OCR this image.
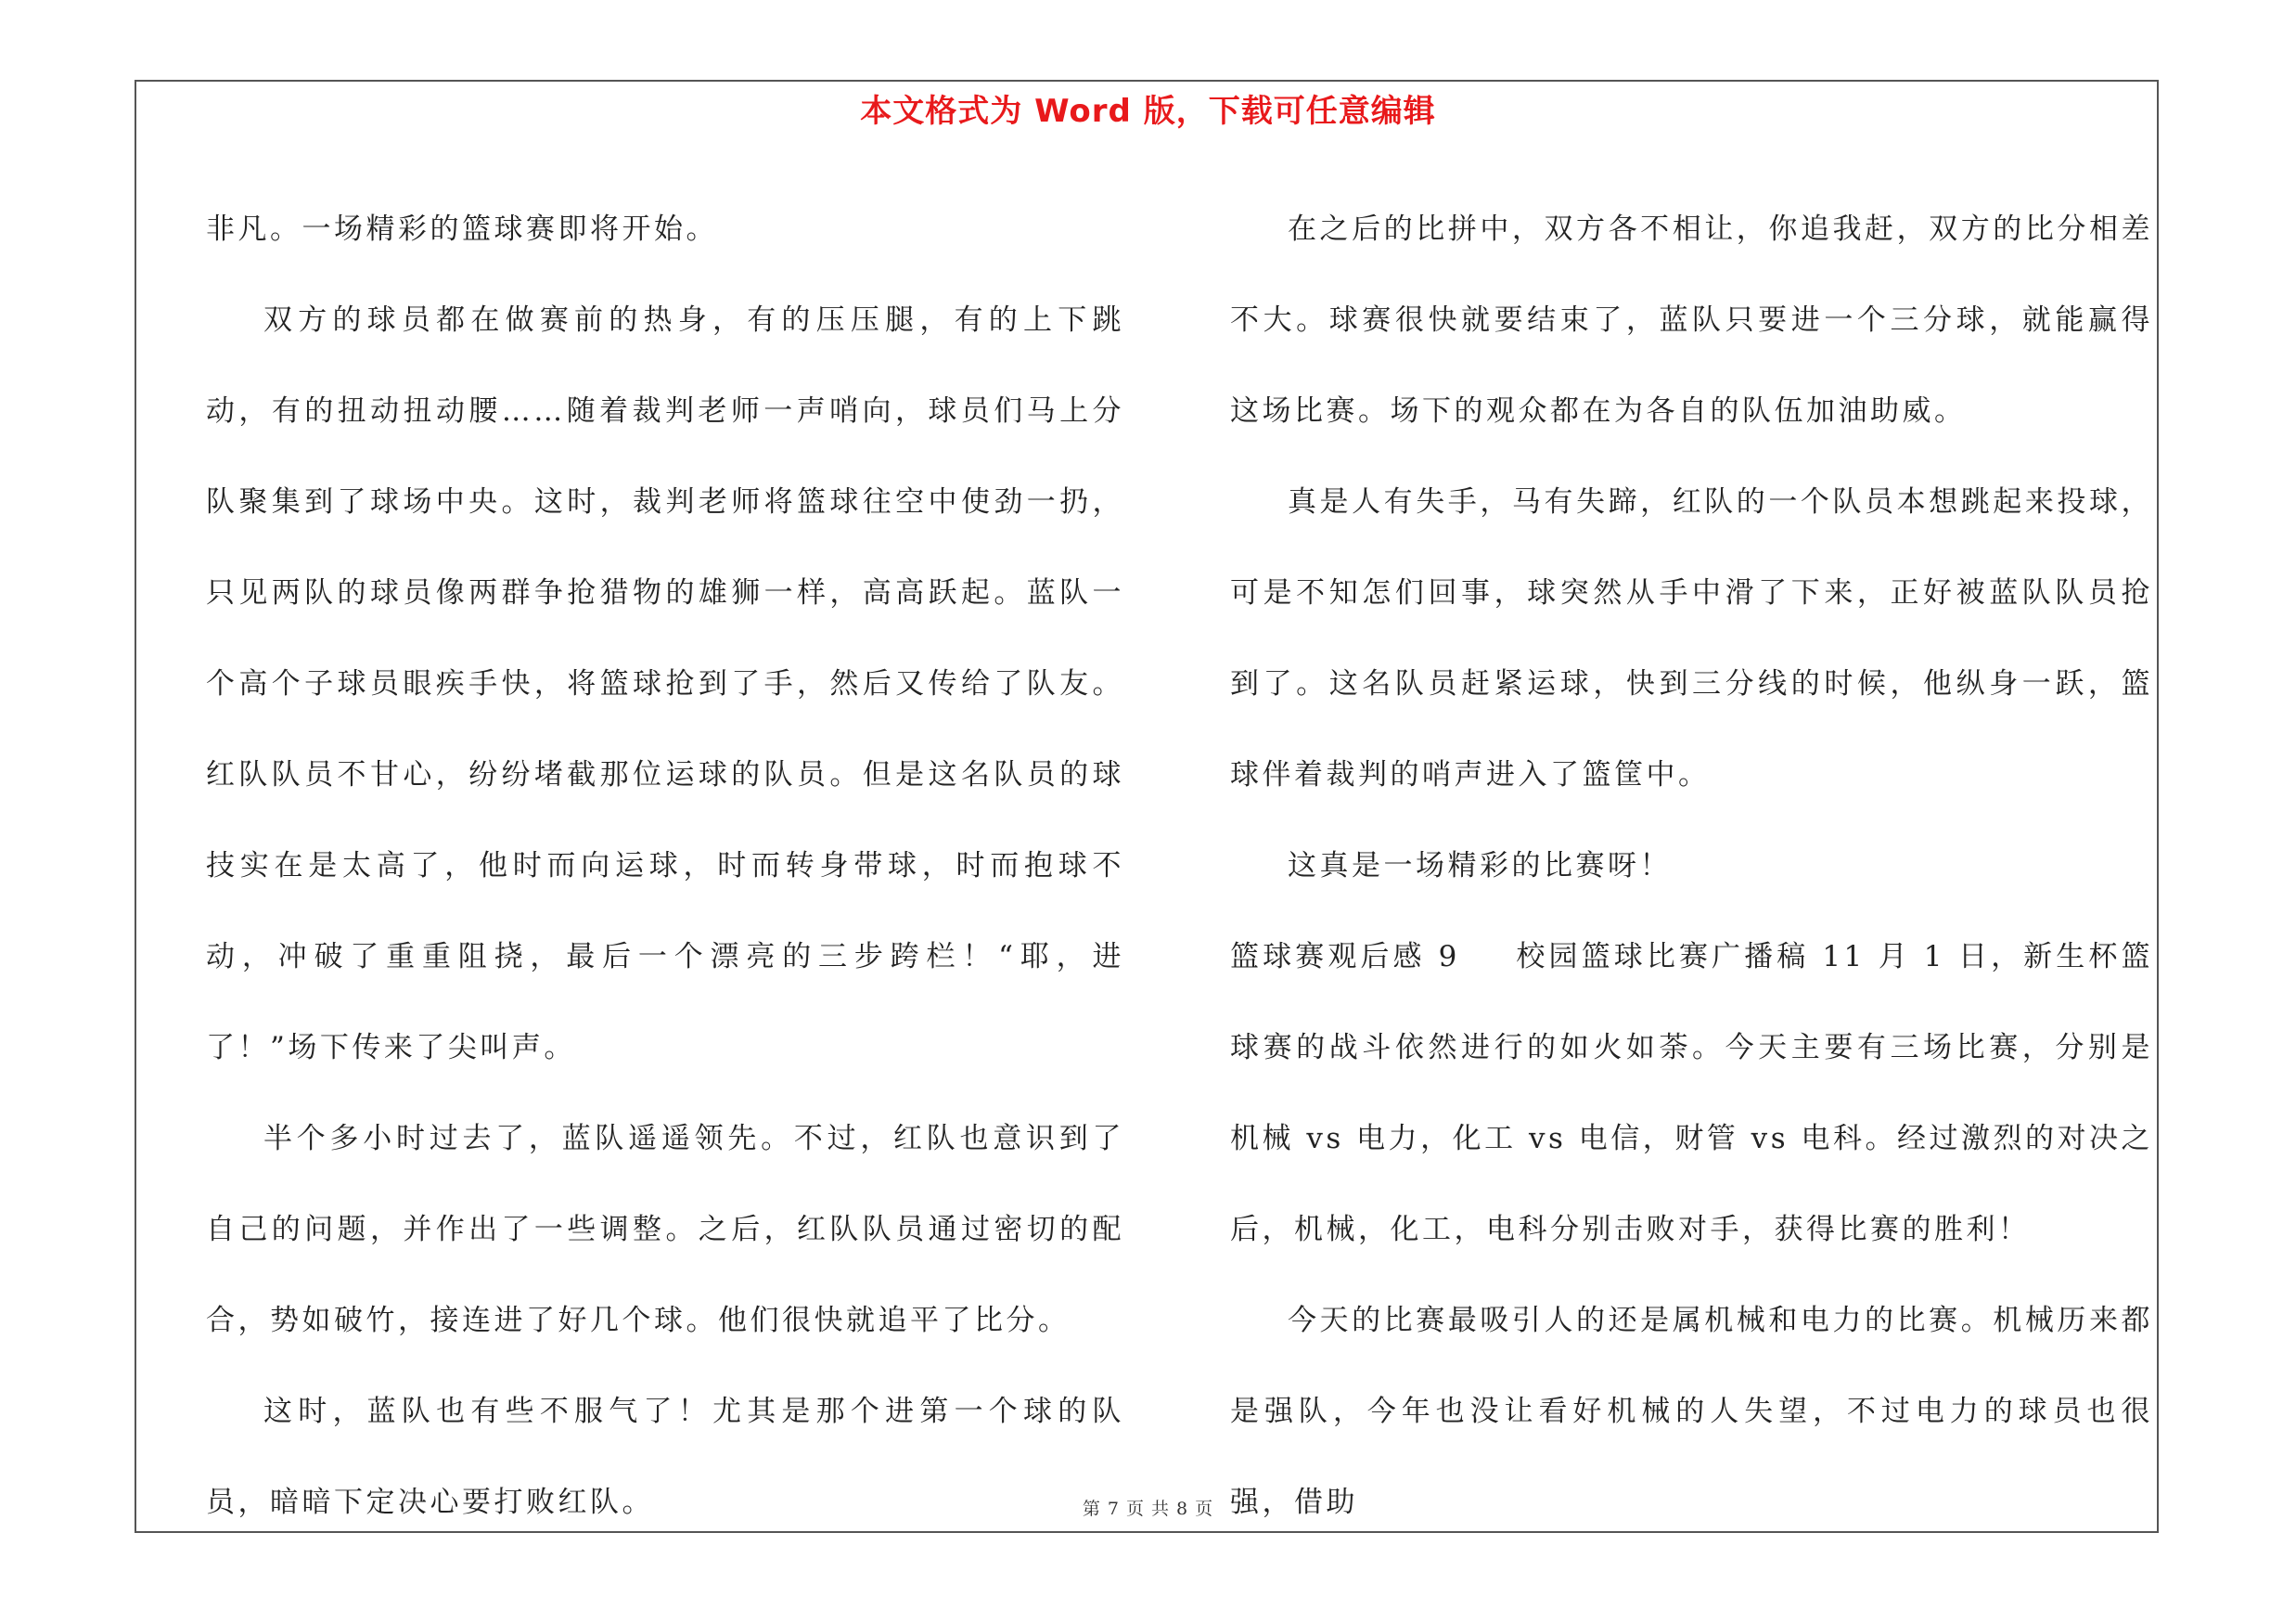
本文格式为 Word 版，下载可任意编辑

非凡。一场精彩的篮球赛即将开始。

双方的球员都在做赛前的热身，有的压压腿，有的上下跳动，有的扭动扭动腰……随着裁判老师一声哨向，球员们马上分队聚集到了球场中央。这时，裁判老师将篮球往空中使劲一扔，只见两队的球员像两群争抢猎物的雄狮一样，高高跃起。蓝队一个高个子球员眼疾手快，将篮球抢到了手，然后又传给了队友。红队队员不甘心，纷纷堵截那位运球的队员。但是这名队员的球技实在是太高了，他时而向运球，时而转身带球，时而抱球不动，冲破了重重阻挠，最后一个漂亮的三步跨栏！“耶，进了！”场下传来了尖叫声。

半个多小时过去了，蓝队遥遥领先。不过，红队也意识到了自己的问题，并作出了一些调整。之后，红队队员通过密切的配合，势如破竹，接连进了好几个球。他们很快就追平了比分。

这时，蓝队也有些不服气了！尤其是那个进第一个球的队员，暗暗下定决心要打败红队。

在之后的比拼中，双方各不相让，你追我赶，双方的比分相差不大。球赛很快就要结束了，蓝队只要进一个三分球，就能赢得这场比赛。场下的观众都在为各自的队伍加油助威。

真是人有失手，马有失蹄，红队的一个队员本想跳起来投球，可是不知怎们回事，球突然从手中滑了下来，正好被蓝队队员抢到了。这名队员赶紧运球，快到三分线的时候，他纵身一跃，篮球伴着裁判的哨声进入了篮筐中。

这真是一场精彩的比赛呀！

篮球赛观后感 9 校园篮球比赛广播稿 11 月 1 日，新生杯篮球赛的战斗依然进行的如火如荼。今天主要有三场比赛，分别是机械 vs 电力，化工 vs 电信，财管 vs 电科。经过激烈的对决之后，机械，化工，电科分别击败对手，获得比赛的胜利！

今天的比赛最吸引人的还是属机械和电力的比赛。机械历来都是强队，今年也没让看好机械的人失望，不过电力的球员也很强，借助

第 7 页 共 8 页
